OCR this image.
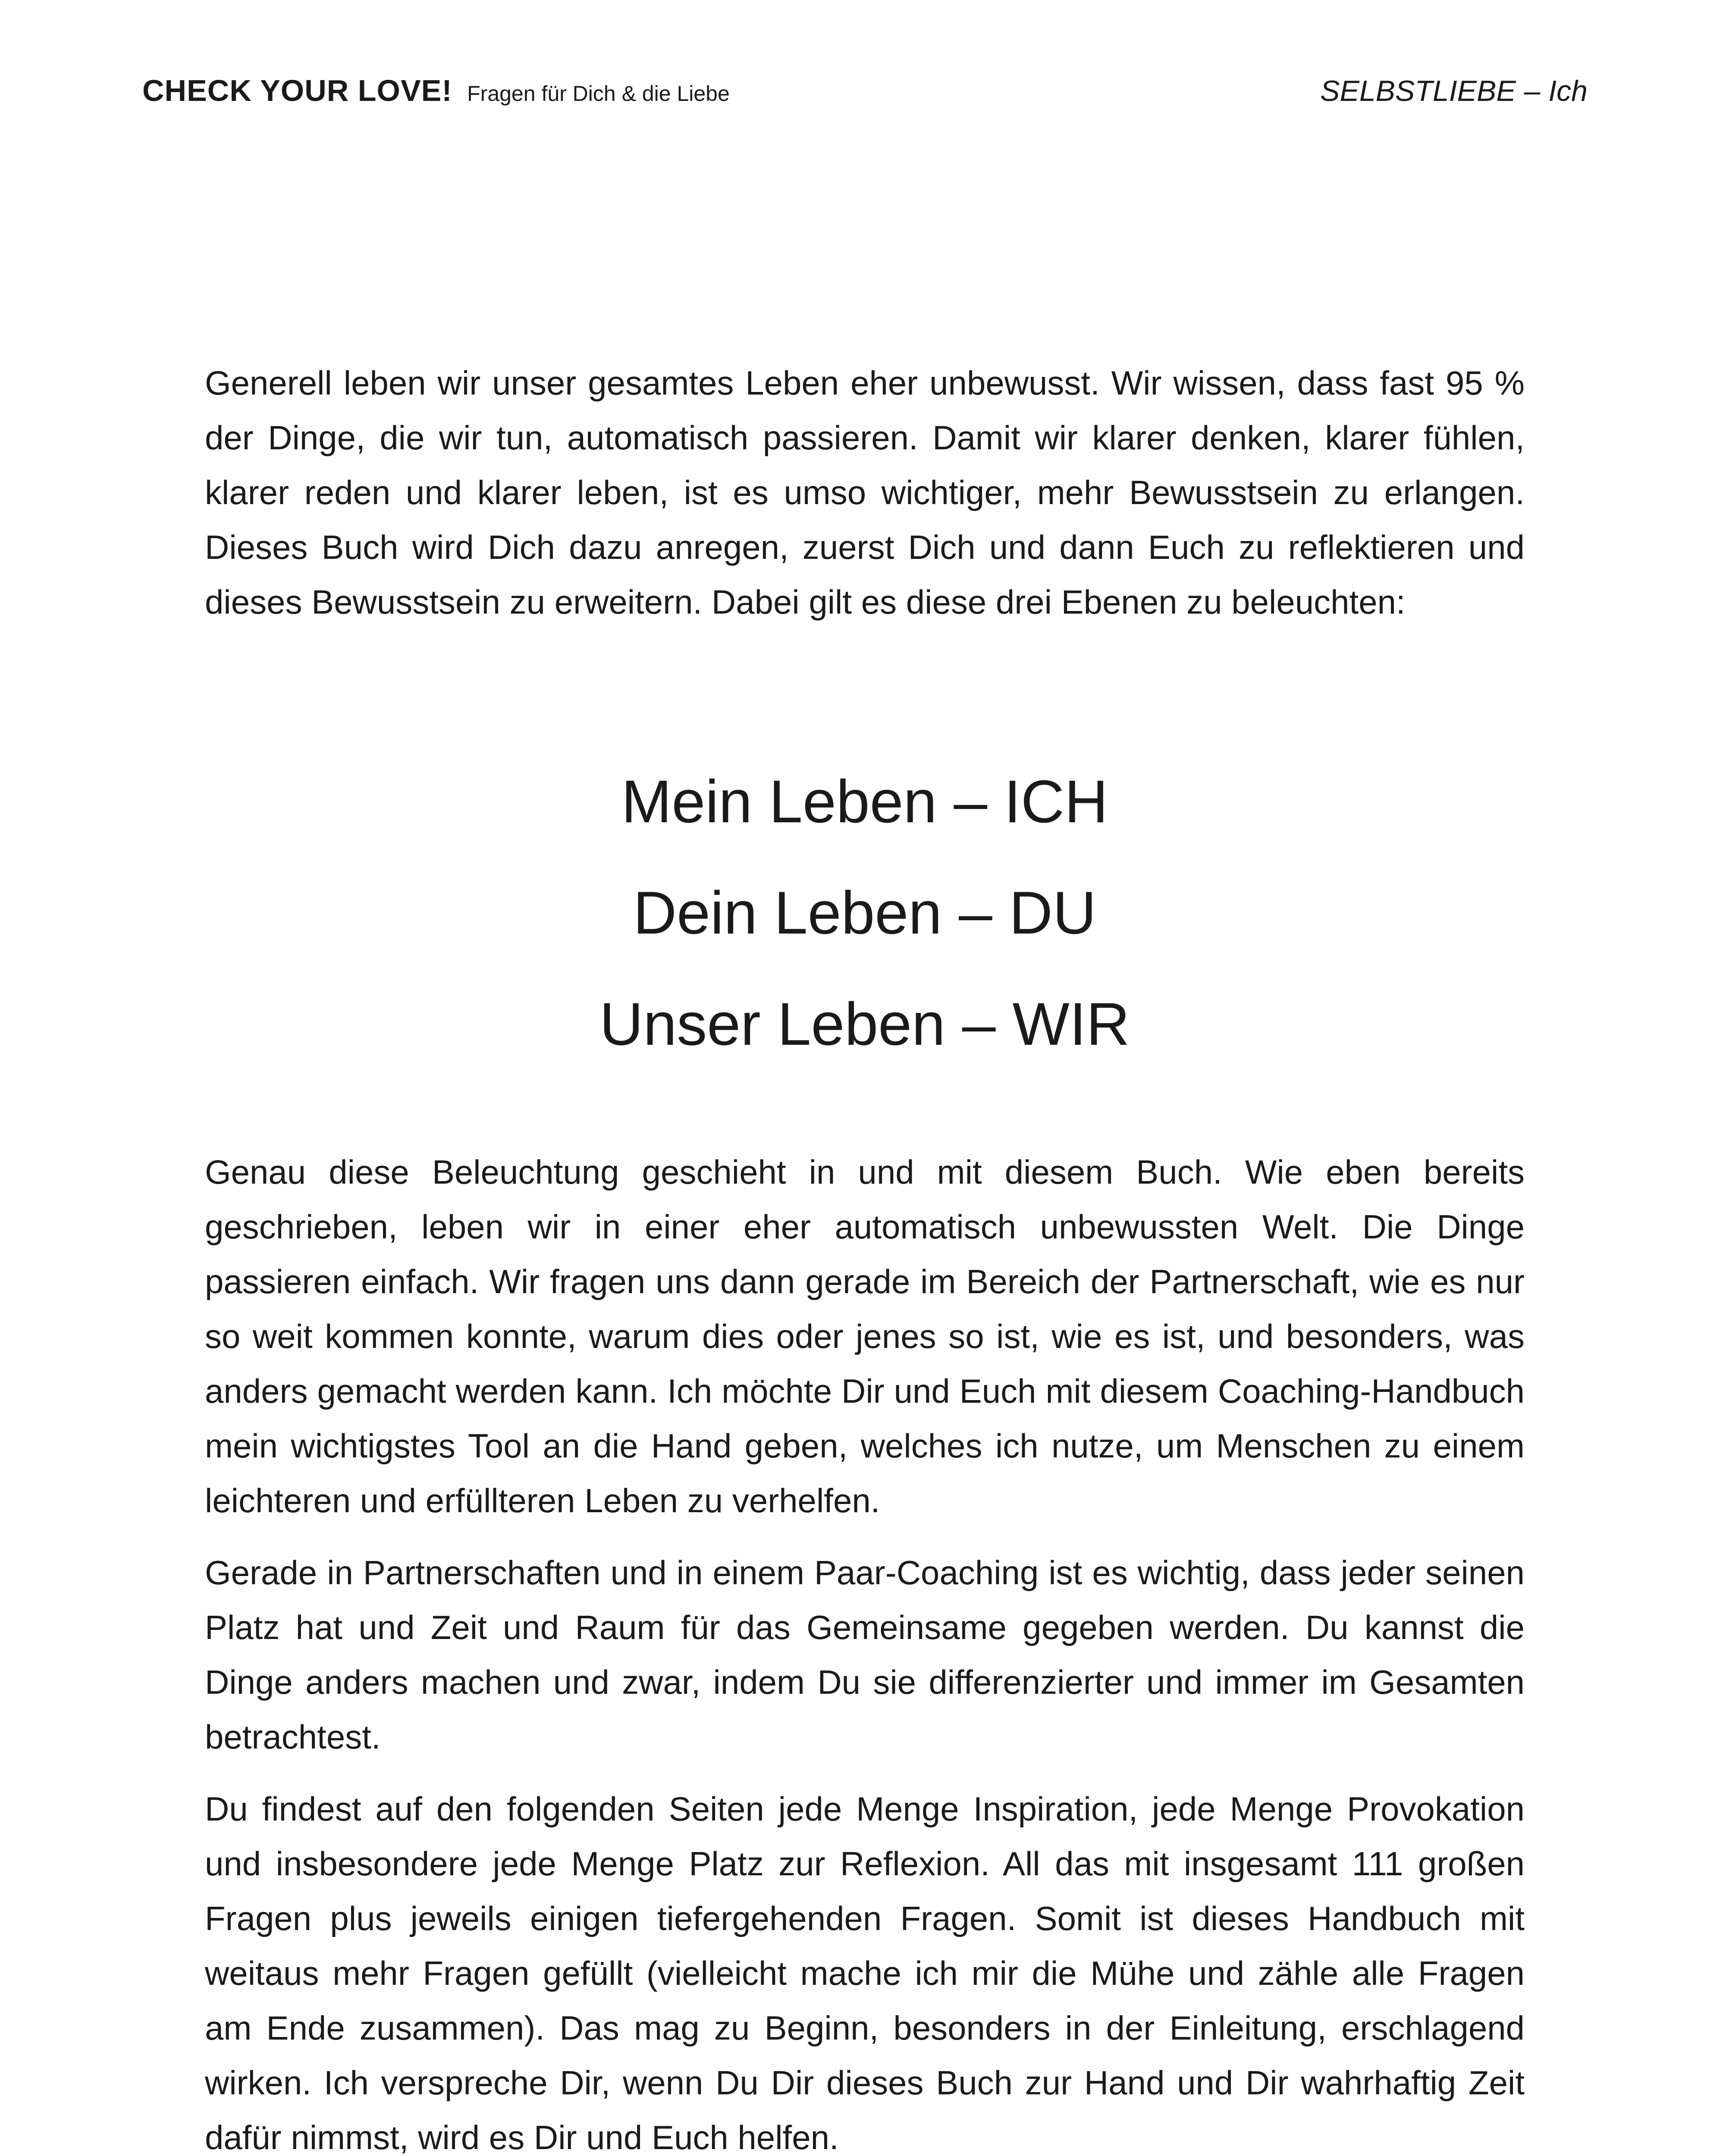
CHECK YOUR LOVE! Fragen für Dich & die Liebe	SELBSTLIEBE – Ich

Generell leben wir unser gesamtes Leben eher unbewusst. Wir wissen, dass fast 95 % der Dinge, die wir tun, automatisch passieren. Damit wir klarer denken, klarer fühlen, klarer reden und klarer leben, ist es umso wichtiger, mehr Bewusstsein zu erlangen. Dieses Buch wird Dich dazu anregen, zuerst Dich und dann Euch zu reflektieren und dieses Bewusstsein zu erweitern. Dabei gilt es diese drei Ebenen zu beleuchten:

Mein Leben – ICH

Dein Leben – DU

Unser Leben – WIR

Genau diese Beleuchtung geschieht in und mit diesem Buch. Wie eben bereits geschrieben, leben wir in einer eher automatisch unbewussten Welt. Die Dinge passieren einfach. Wir fragen uns dann gerade im Bereich der Partnerschaft, wie es nur so weit kommen konnte, warum dies oder jenes so ist, wie es ist, und besonders, was anders gemacht werden kann. Ich möchte Dir und Euch mit diesem Coaching-Handbuch mein wichtigstes Tool an die Hand geben, welches ich nutze, um Menschen zu einem leichteren und erfüllteren Leben zu verhelfen.

Gerade in Partnerschaften und in einem Paar-Coaching ist es wichtig, dass jeder seinen Platz hat und Zeit und Raum für das Gemeinsame gegeben werden. Du kannst die Dinge anders machen und zwar, indem Du sie differenzierter und immer im Gesamten betrachtest.

Du findest auf den folgenden Seiten jede Menge Inspiration, jede Menge Provokation und insbesondere jede Menge Platz zur Reflexion. All das mit insgesamt 111 großen Fragen plus jeweils einigen tiefergehenden Fragen. Somit ist dieses Handbuch mit weitaus mehr Fragen gefüllt (vielleicht mache ich mir die Mühe und zähle alle Fragen am Ende zusammen). Das mag zu Beginn, besonders in der Einleitung, erschlagend wirken. Ich verspreche Dir, wenn Du Dir dieses Buch zur Hand und Dir wahrhaftig Zeit dafür nimmst, wird es Dir und Euch helfen.
